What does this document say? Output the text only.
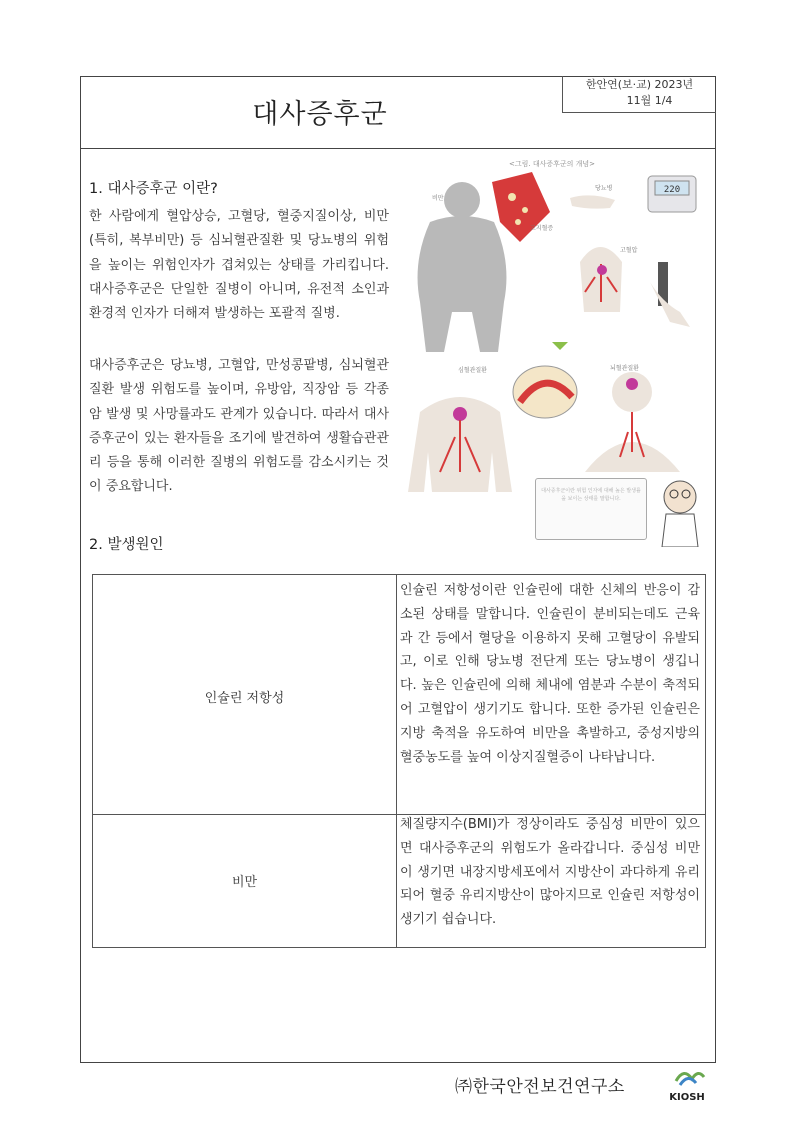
대사증후군
한안연(보·교) 2023년
11월 1/4
1. 대사증후군 이란?
한 사람에게 혈압상승, 고혈당, 혈중지질이상, 비만(특히, 복부비만) 등 심뇌혈관질환 및 당뇨병의 위험을 높이는 위험인자가 겹쳐있는 상태를 가리킵니다. 대사증후군은 단일한 질병이 아니며, 유전적 소인과 환경적 인자가 더해져 발생하는 포괄적 질병.
대사증후군은 당뇨병, 고혈압, 만성콩팥병, 심뇌혈관질환 발생 위험도를 높이며, 유방암, 직장암 등 각종 암 발생 및 사망률과도 관계가 있습니다. 따라서 대사증후군이 있는 환자들을 조기에 발견하여 생활습관관리 등을 통해 이러한 질병의 위험도를 감소시키는 것이 중요합니다.
<그림. 대사증후군의 개념>
비만
고지혈증
220
당뇨병
고혈압
심혈관질환	뇌혈관질환
대사증후군이란 위험 인자에 대해 높은 발생률을 보이는 상태를 말합니다.
2. 발생원인
인슐린 저항성
인슐린 저항성이란 인슐린에 대한 신체의 반응이 감소된 상태를 말합니다. 인슐린이 분비되는데도 근육과 간 등에서 혈당을 이용하지 못해 고혈당이 유발되고, 이로 인해 당뇨병 전단계 또는 당뇨병이 생깁니다. 높은 인슐린에 의해 체내에 염분과 수분이 축적되어 고혈압이 생기기도 합니다. 또한 증가된 인슐린은 지방 축적을 유도하여 비만을 촉발하고, 중성지방의 혈중농도를 높여 이상지질혈증이 나타납니다.
비만
체질량지수(BMI)가 정상이라도 중심성 비만이 있으면 대사증후군의 위험도가 올라갑니다. 중심성 비만이 생기면 내장지방세포에서 지방산이 과다하게 유리되어 혈중 유리지방산이 많아지므로 인슐린 저항성이 생기기 쉽습니다.
㈜한국안전보건연구소
KIOSH
